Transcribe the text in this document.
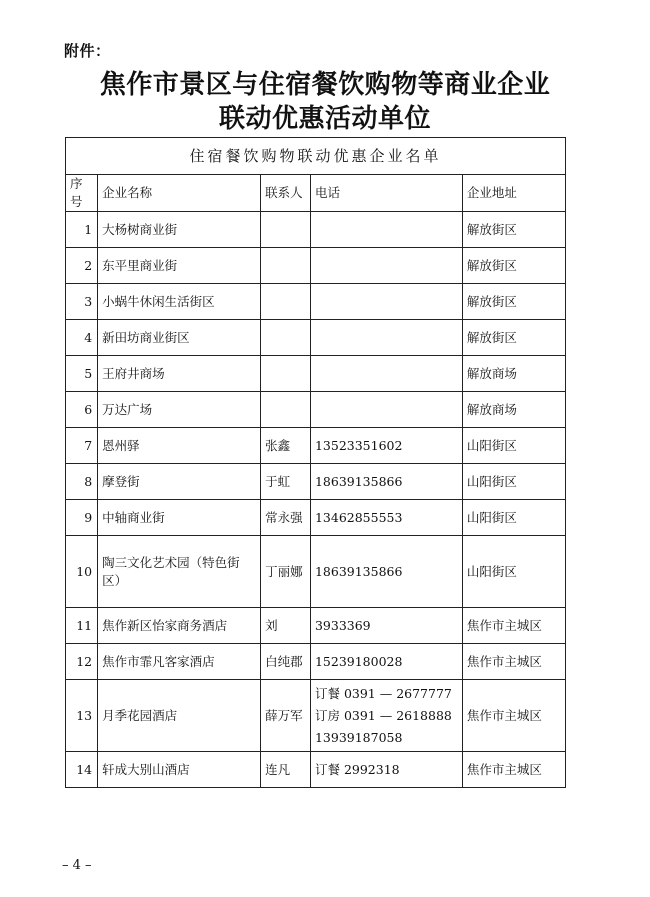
附件：
焦作市景区与住宿餐饮购物等商业企业
联动优惠活动单位
住宿餐饮购物联动优惠企业名单				
序号	企业名称	联系人	电话	企业地址
1	大杨树商业街			解放街区
2	东平里商业街			解放街区
3	小蜗牛休闲生活街区			解放街区
4	新田坊商业街区			解放街区
5	王府井商场			解放商场
6	万达广场			解放商场
7	恩州驿	张鑫	13523351602	山阳街区
8	摩登街	于虹	18639135866	山阳街区
9	中轴商业街	常永强	13462855553	山阳街区
10	陶三文化艺术园（特色街区）	丁丽娜	18639135866	山阳街区
11	焦作新区怡家商务酒店	刘	3933369	焦作市主城区
12	焦作市霏凡客家酒店	白纯郡	15239180028	焦作市主城区
13	月季花园酒店	薛万军	订餐 0391 — 2677777
订房 0391 — 2618888
13939187058	焦作市主城区
14	轩成大别山酒店	连凡	订餐 2992318	焦作市主城区
– 4 –
